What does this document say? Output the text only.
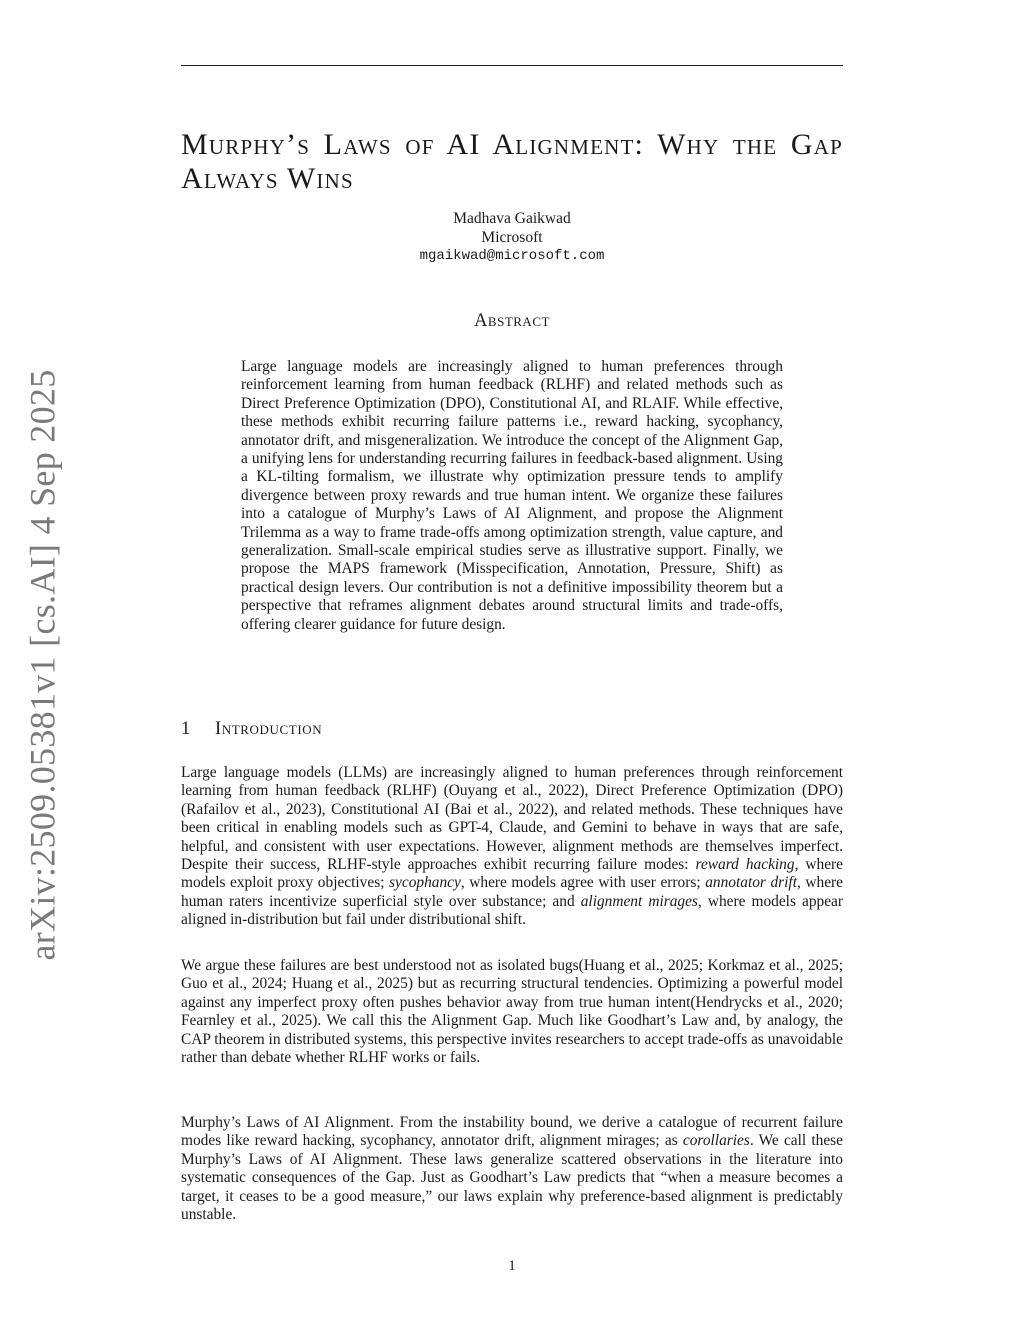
arXiv:2509.05381v1 [cs.AI] 4 Sep 2025
Murphy’s Laws of AI Alignment: Why the Gap Always Wins
Madhava Gaikwad
Microsoft
mgaikwad@microsoft.com
Abstract
Large language models are increasingly aligned to human preferences through reinforcement learning from human feedback (RLHF) and related methods such as Direct Preference Optimization (DPO), Constitutional AI, and RLAIF. While effective, these methods exhibit recurring failure patterns i.e., reward hacking, sycophancy, annotator drift, and misgeneralization. We introduce the concept of the Alignment Gap, a unifying lens for understanding recurring failures in feedback-based alignment. Using a KL-tilting formalism, we illustrate why optimization pressure tends to amplify divergence between proxy rewards and true human intent. We organize these failures into a catalogue of Murphy’s Laws of AI Alignment, and propose the Alignment Trilemma as a way to frame trade-offs among optimization strength, value capture, and generalization. Small-scale empirical studies serve as illustrative support. Finally, we propose the MAPS framework (Misspecification, Annotation, Pressure, Shift) as practical design levers. Our contribution is not a definitive impossibility theorem but a perspective that reframes alignment debates around structural limits and trade-offs, offering clearer guidance for future design.
1 Introduction
Large language models (LLMs) are increasingly aligned to human preferences through reinforcement learning from human feedback (RLHF) (Ouyang et al., 2022), Direct Preference Optimization (DPO) (Rafailov et al., 2023), Constitutional AI (Bai et al., 2022), and related methods. These techniques have been critical in enabling models such as GPT-4, Claude, and Gemini to behave in ways that are safe, helpful, and consistent with user expectations. However, alignment methods are themselves imperfect. Despite their success, RLHF-style approaches exhibit recurring failure modes: reward hacking, where models exploit proxy objectives; sycophancy, where models agree with user errors; annotator drift, where human raters incentivize superficial style over substance; and alignment mirages, where models appear aligned in-distribution but fail under distributional shift.
We argue these failures are best understood not as isolated bugs(Huang et al., 2025; Korkmaz et al., 2025; Guo et al., 2024; Huang et al., 2025) but as recurring structural tendencies. Optimizing a powerful model against any imperfect proxy often pushes behavior away from true human intent(Hendrycks et al., 2020; Fearnley et al., 2025). We call this the Alignment Gap. Much like Goodhart’s Law and, by analogy, the CAP theorem in distributed systems, this perspective invites researchers to accept trade-offs as unavoidable rather than debate whether RLHF works or fails.
Murphy’s Laws of AI Alignment. From the instability bound, we derive a catalogue of recurrent failure modes like reward hacking, sycophancy, annotator drift, alignment mirages; as corollaries. We call these Murphy’s Laws of AI Alignment. These laws generalize scattered observations in the literature into systematic consequences of the Gap. Just as Goodhart’s Law predicts that “when a measure becomes a target, it ceases to be a good measure,” our laws explain why preference-based alignment is predictably unstable.
1
